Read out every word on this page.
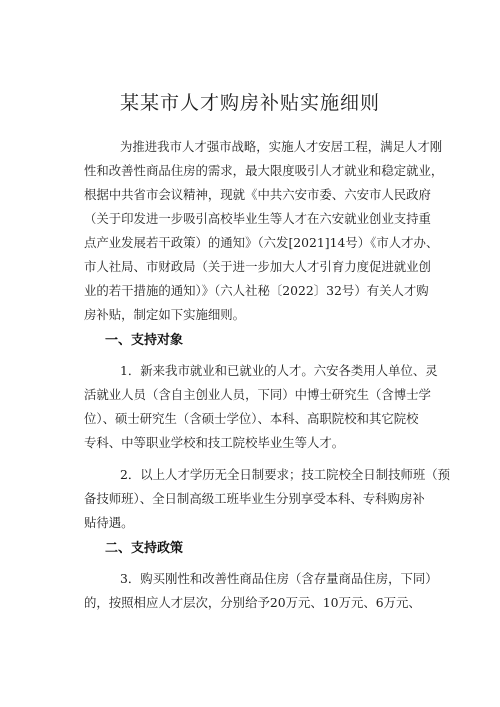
某某市人才购房补贴实施细则
为推进我市人才强市战略，实施人才安居工程，满足人才刚
性和改善性商品住房的需求，最大限度吸引人才就业和稳定就业，
根据中共省市会议精神，现就《中共六安市委、六安市人民政府
（关于印发进一步吸引高校毕业生等人才在六安就业创业支持重
点产业发展若干政策）的通知》（六发[2021]14号）《市人才办、
市人社局、市财政局（关于进一步加大人才引育力度促进就业创
业的若干措施的通知）》（六人社秘〔2022〕32号）有关人才购
房补贴，制定如下实施细则。
一、支持对象
1．新来我市就业和已就业的人才。六安各类用人单位、灵
活就业人员（含自主创业人员，下同）中博士研究生（含博士学
位）、硕士研究生（含硕士学位）、本科、高职院校和其它院校
专科、中等职业学校和技工院校毕业生等人才。
2．以上人才学历无全日制要求；技工院校全日制技师班（预
备技师班）、全日制高级工班毕业生分别享受本科、专科购房补
贴待遇。
二、支持政策
3．购买刚性和改善性商品住房（含存量商品住房，下同）
的，按照相应人才层次，分别给予20万元、10万元、6万元、
